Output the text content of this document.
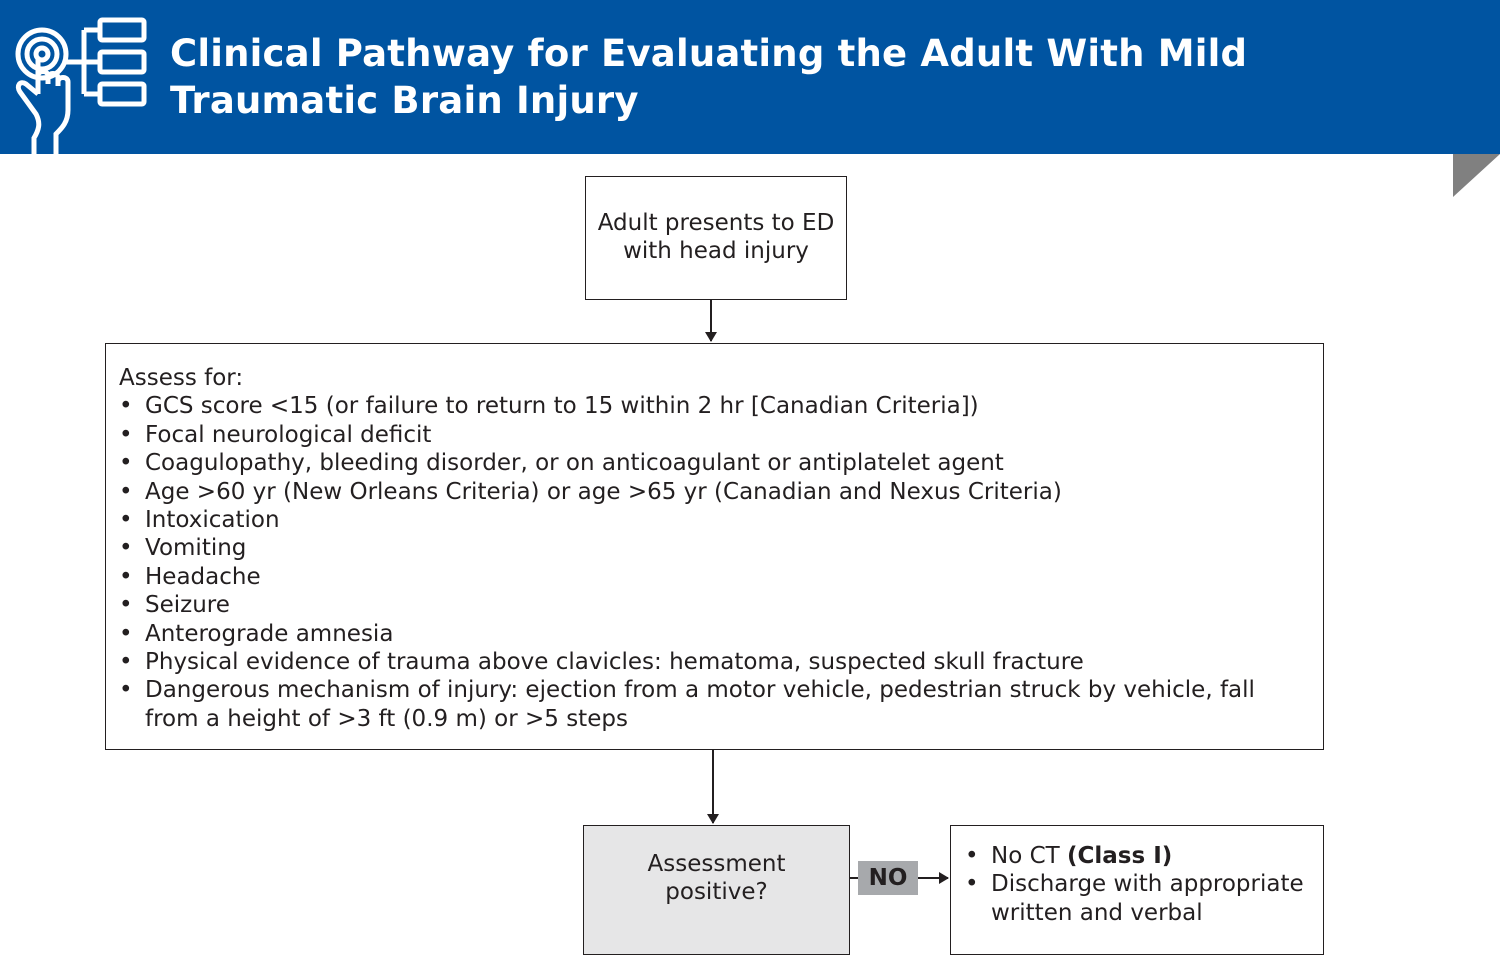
Clinical Pathway for Evaluating the Adult With Mild Traumatic Brain Injury
Adult presents to ED
with head injury
Assess for:
• GCS score <15 (or failure to return to 15 within 2 hr [Canadian Criteria])
• Focal neurological deficit
• Coagulopathy, bleeding disorder, or on anticoagulant or antiplatelet agent
• Age >60 yr (New Orleans Criteria) or age >65 yr (Canadian and Nexus Criteria)
• Intoxication
• Vomiting
• Headache
• Seizure
• Anterograde amnesia
• Physical evidence of trauma above clavicles: hematoma, suspected skull fracture
• Dangerous mechanism of injury: ejection from a motor vehicle, pedestrian struck by vehicle, fall from a height of >3 ft (0.9 m) or >5 steps
Assessment
positive?
NO
• No CT (Class I)
• Discharge with appropriate written and verbal
